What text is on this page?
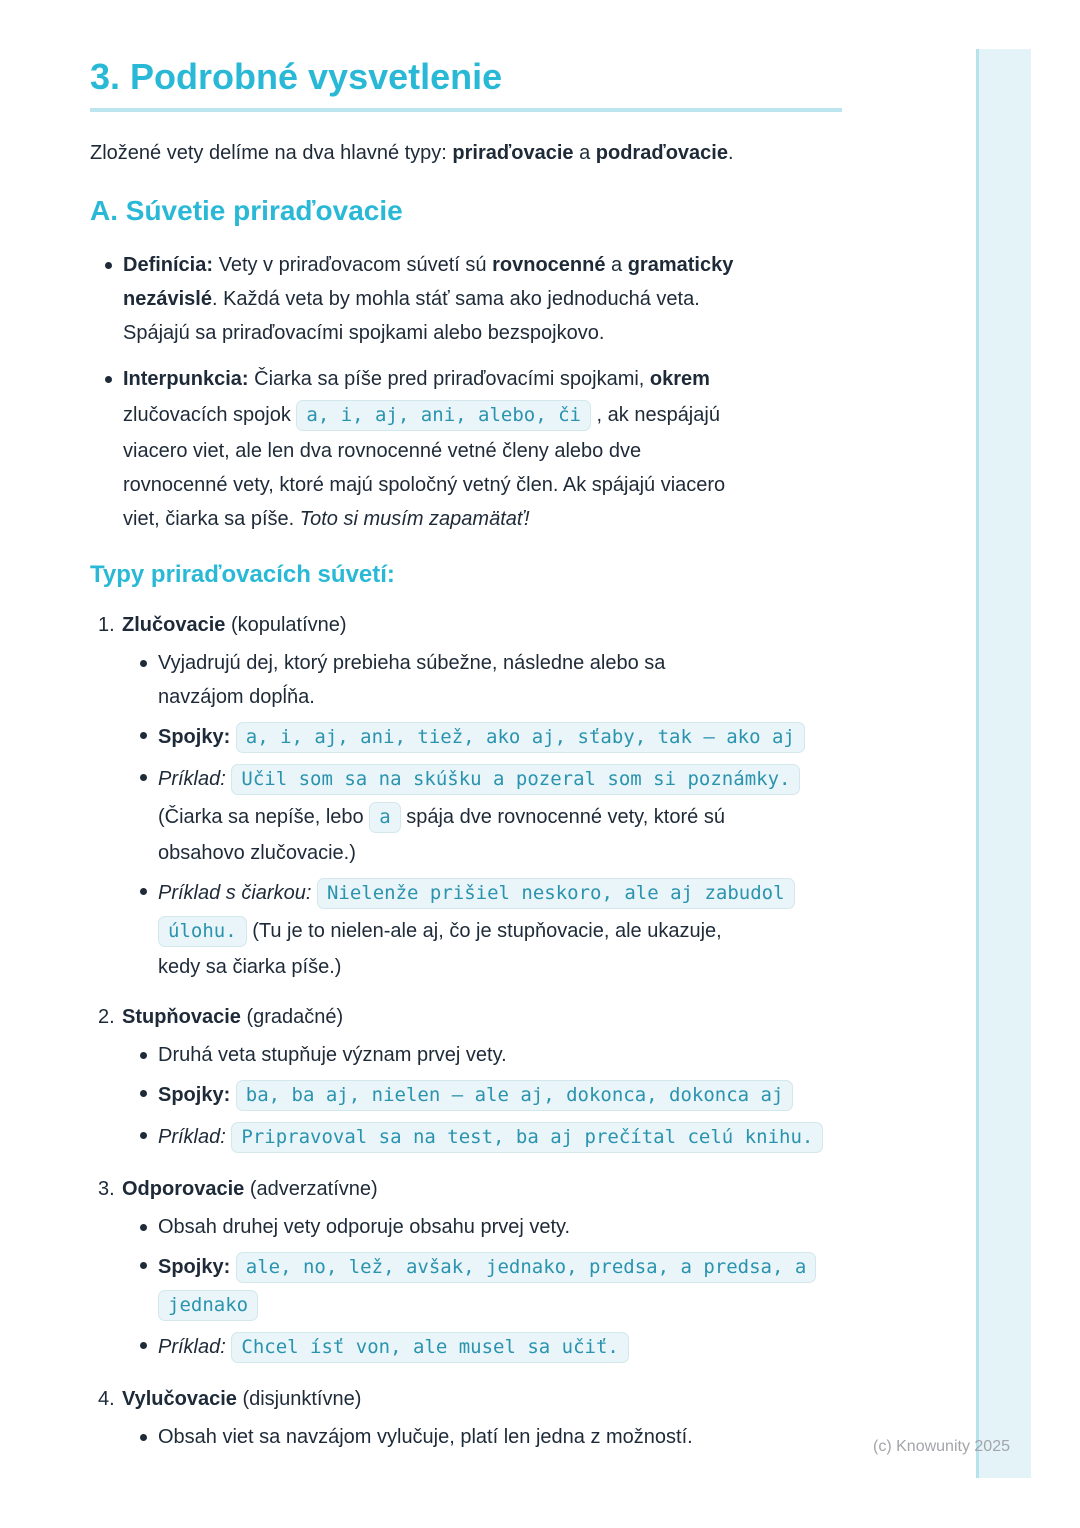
3. Podrobné vysvetlenie

Zložené vety delíme na dva hlavné typy: priraďovacie a podraďovacie.

A. Súvetie priraďovacie
Definícia: Vety v priraďovacom súvetí sú rovnocenné a gramaticky
nezávislé. Každá veta by mohla stáť sama ako jednoduchá veta.
Spájajú sa priraďovacími spojkami alebo bezspojkovo.
Interpunkcia: Čiarka sa píše pred priraďovacími spojkami, okrem
zlučovacích spojok a, i, aj, ani, alebo, či , ak nespájajú
viacero viet, ale len dva rovnocenné vetné členy alebo dve
rovnocenné vety, ktoré majú spoločný vetný člen. Ak spájajú viacero
viet, čiarka sa píše. Toto si musím zapamätať!
Typy priraďovacích súvetí:
1. Zlučovacie (kopulatívne)
Vyjadrujú dej, ktorý prebieha súbežne, následne alebo sa
navzájom dopĺňa.
Spojky: a, i, aj, ani, tiež, ako aj, sťaby, tak – ako aj
Príklad: Učil som sa na skúšku a pozeral som si poznámky.
(Čiarka sa nepíše, lebo a spája dve rovnocenné vety, ktoré sú
obsahovo zlučovacie.)
Príklad s čiarkou: Nielenže prišiel neskoro, ale aj zabudol
úlohu. (Tu je to nielen-ale aj, čo je stupňovacie, ale ukazuje,
kedy sa čiarka píše.)
2. Stupňovacie (gradačné)
Druhá veta stupňuje význam prvej vety.
Spojky: ba, ba aj, nielen – ale aj, dokonca, dokonca aj
Príklad: Pripravoval sa na test, ba aj prečítal celú knihu.
3. Odporovacie (adverzatívne)
Obsah druhej vety odporuje obsahu prvej vety.
Spojky: ale, no, lež, avšak, jednako, predsa, a predsa, a
jednako
Príklad: Chcel ísť von, ale musel sa učiť.
4. Vylučovacie (disjunktívne)
Obsah viet sa navzájom vylučuje, platí len jedna z možností.	(c) Knowunity 2025
